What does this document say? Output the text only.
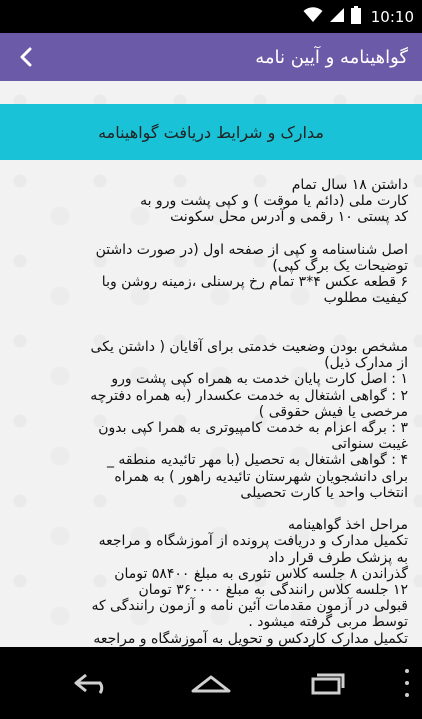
10:10
گواهینامه و آیین نامه
مدارک و شرایط دریافت گواهینامه
داشتن ۱۸ سال تمام
کارت ملی (دائم یا موقت ) و کپی پشت ورو به
کد پستی ۱۰ رقمی و آدرس محل سکونت
اصل شناسنامه و کپی از صفحه اول (در صورت داشتن
توضیحات یک برگ کپی)
۶ قطعه عکس ۴*۳ تمام رخ پرسنلی ،زمینه روشن وبا
کیفیت مطلوب
مشخص بودن وضعیت خدمتی برای آقایان ( داشتن یکی
از مدارک ذیل)
۱ : اصل کارت پایان خدمت به همراه کپی پشت ورو
۲ : گواهی اشتغال به خدمت عکسدار (به همراه دفترچه
مرخصی یا فیش حقوقی )
۳ : برگه اعزام به خدمت کامپیوتری به همرا کپی بدون
غیبت سنواتی
۴ : گواهی اشتغال به تحصیل (با مهر تائیدیه منطقه _
برای دانشجویان شهرستان تائیدیه راهور ) به همراه
انتخاب واحد یا کارت تحصیلی
مراحل اخذ گواهینامه
تکمیل مدارک و دریافت پرونده از آموزشگاه و مراجعه
به پزشک طرف قرار داد
گذراندن ۸ جلسه کلاس تئوری به مبلغ ۵۸۴۰۰ تومان
۱۲ جلسه کلاس رانندگی به مبلغ ۳۶۰۰۰۰ تومان
قبولی در آزمون مقدمات آئین نامه و آزمون رانندگی که
توسط مربی گرفته میشود .
تکمیل مدارک کاردکس و تحویل به آموزشگاه و مراجعه
